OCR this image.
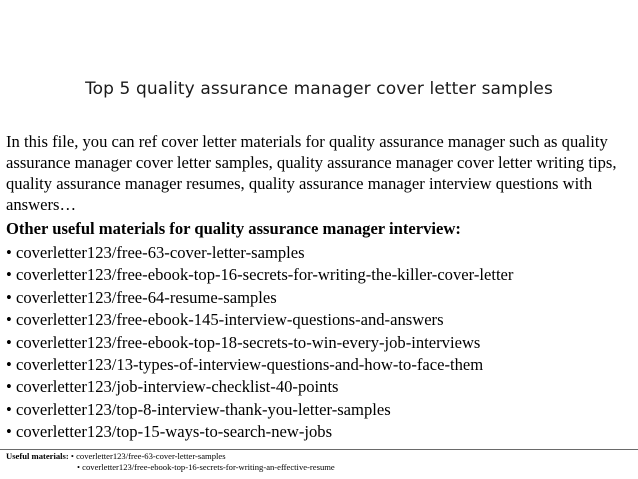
Top 5 quality assurance manager cover letter samples
In this file, you can ref cover letter materials for quality assurance manager such as quality assurance manager cover letter samples, quality assurance manager cover letter writing tips, quality assurance manager resumes, quality assurance manager interview questions with answers…
Other useful materials for quality assurance manager interview:
• coverletter123/free-63-cover-letter-samples
• coverletter123/free-ebook-top-16-secrets-for-writing-the-killer-cover-letter
• coverletter123/free-64-resume-samples
• coverletter123/free-ebook-145-interview-questions-and-answers
• coverletter123/free-ebook-top-18-secrets-to-win-every-job-interviews
• coverletter123/13-types-of-interview-questions-and-how-to-face-them
• coverletter123/job-interview-checklist-40-points
• coverletter123/top-8-interview-thank-you-letter-samples
• coverletter123/top-15-ways-to-search-new-jobs
Useful materials: • coverletter123/free-63-cover-letter-samples
• coverletter123/free-ebook-top-16-secrets-for-writing-an-effective-resume
